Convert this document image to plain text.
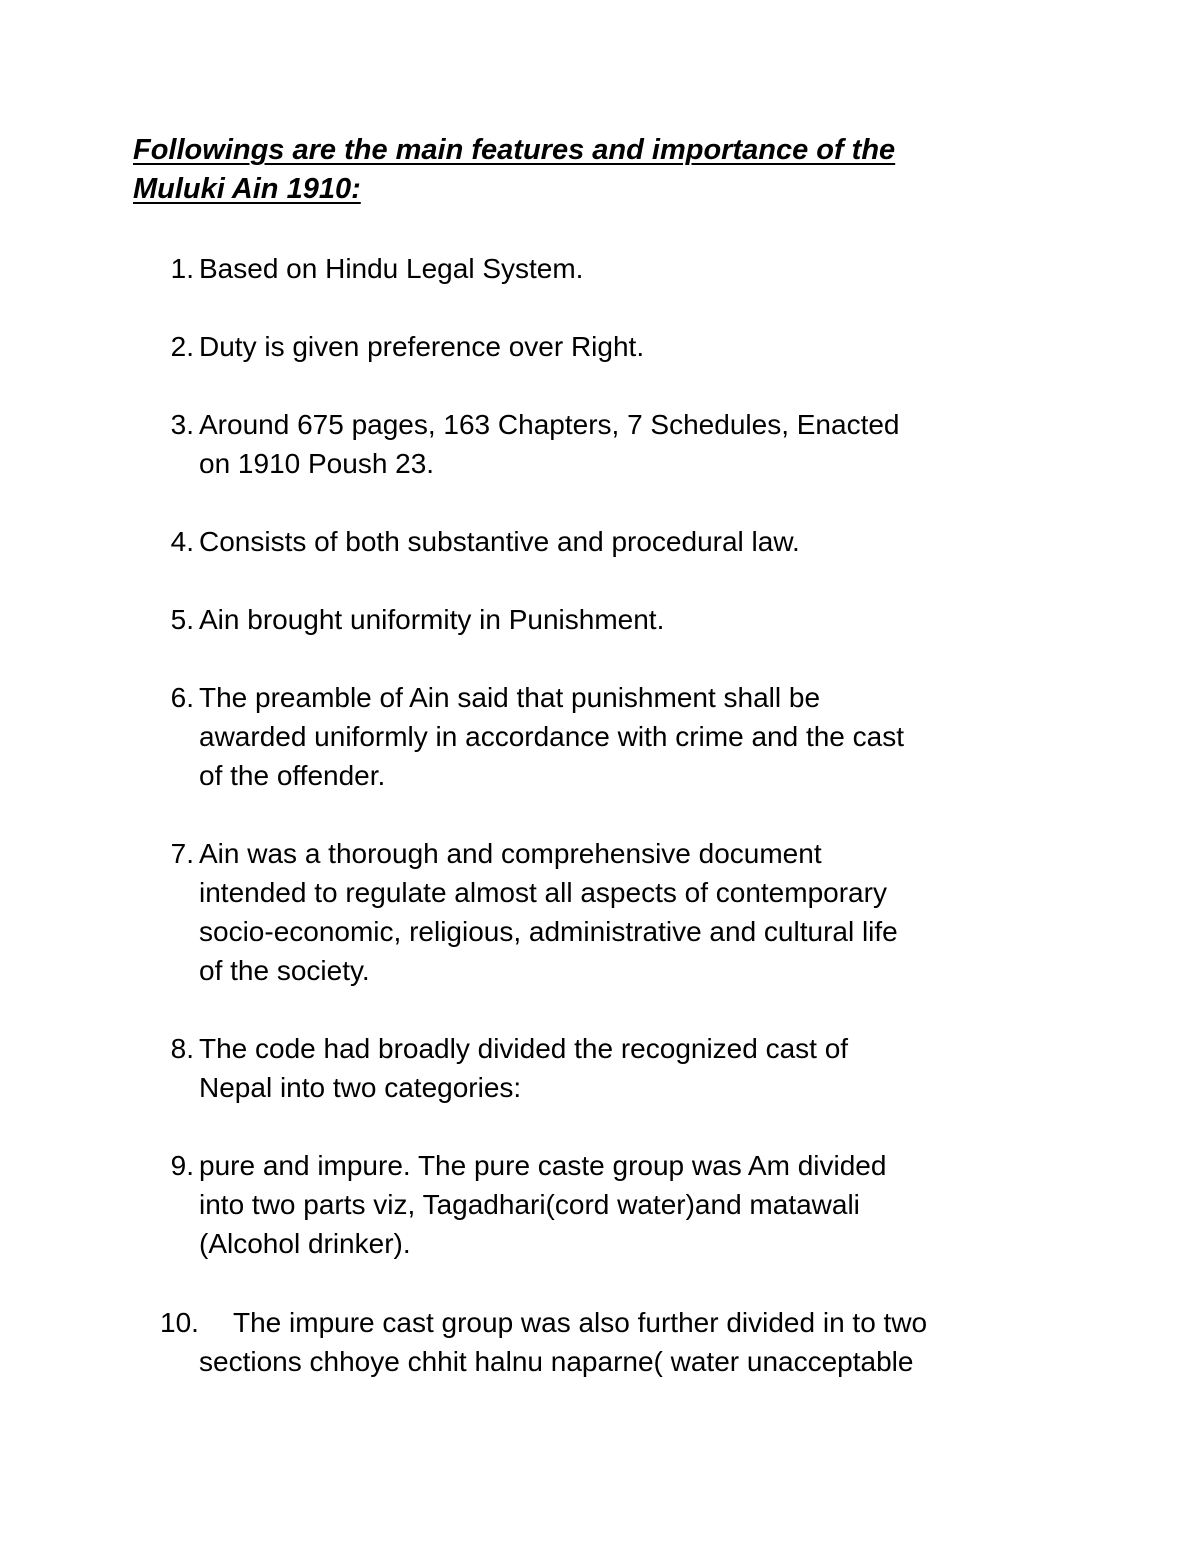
Followings are the main features and importance of the
Muluki Ain 1910:
1. Based on Hindu Legal System.
2. Duty is given preference over Right.
3. Around 675 pages, 163 Chapters, 7 Schedules, Enacted
on 1910 Poush 23.
4. Consists of both substantive and procedural law.
5. Ain brought uniformity in Punishment.
6. The preamble of Ain said that punishment shall be
awarded uniformly in accordance with crime and the cast
of the offender.
7. Ain was a thorough and comprehensive document
intended to regulate almost all aspects of contemporary
socio-economic, religious, administrative and cultural life
of the society.
8. The code had broadly divided the recognized cast of
Nepal into two categories:
9. pure and impure. The pure caste group was Am divided
into two parts viz, Tagadhari(cord water)and matawali
(Alcohol drinker).
10.	The impure cast group was also further divided in to two
sections chhoye chhit halnu naparne( water unacceptable
